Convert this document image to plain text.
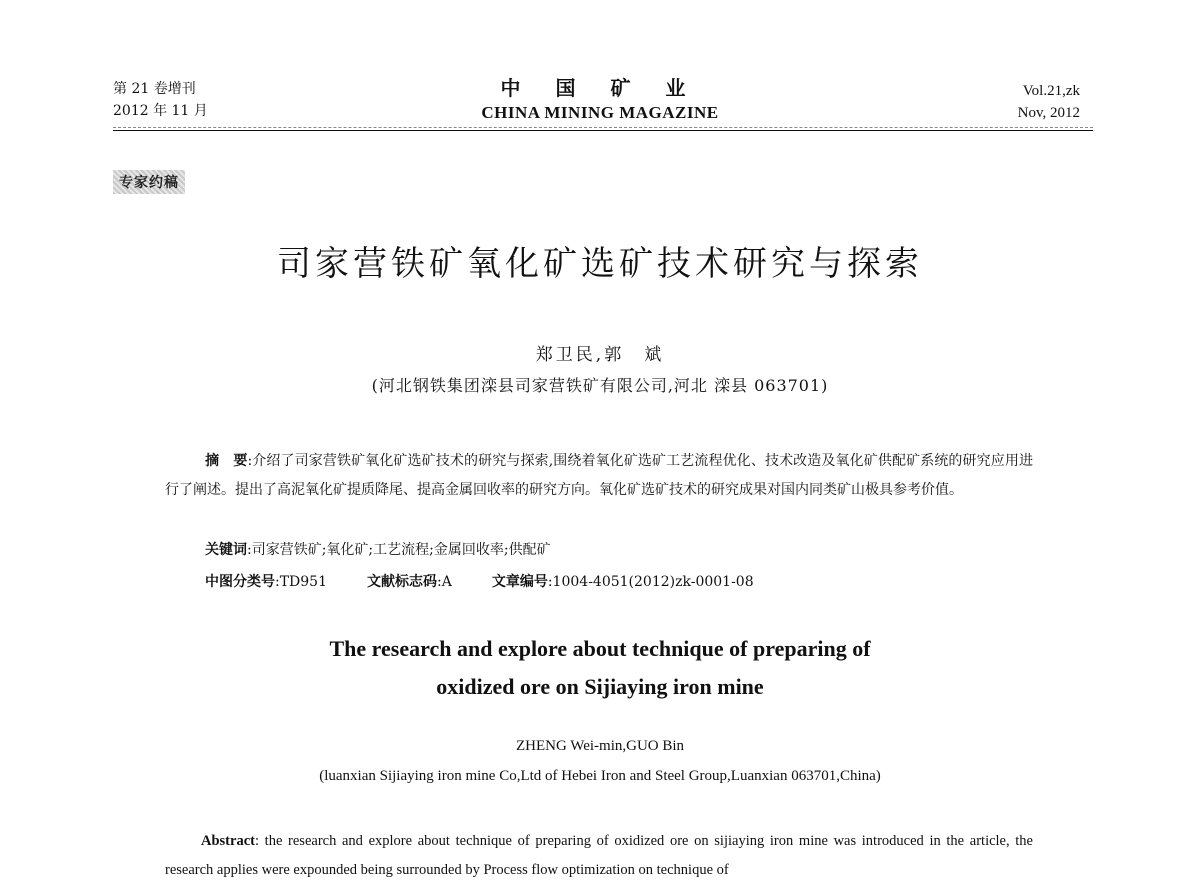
第 21 卷增刊
2012 年 11 月
中 国 矿 业
CHINA MINING MAGAZINE
Vol.21,zk
Nov, 2012
专家约稿
司家营铁矿氧化矿选矿技术研究与探索
郑卫民,郭　斌
(河北钢铁集团滦县司家营铁矿有限公司,河北 滦县 063701)
摘　要:介绍了司家营铁矿氧化矿选矿技术的研究与探索,围绕着氧化矿选矿工艺流程优化、技术改造及氧化矿供配矿系统的研究应用进行了阐述。提出了高泥氧化矿提质降尾、提高金属回收率的研究方向。氧化矿选矿技术的研究成果对国内同类矿山极具参考价值。
关键词:司家营铁矿;氧化矿;工艺流程;金属回收率;供配矿
中图分类号:TD951	文献标志码:A	文章编号:1004-4051(2012)zk-0001-08
The research and explore about technique of preparing of
oxidized ore on Sijiaying iron mine
ZHENG Wei-min,GUO Bin
(luanxian Sijiaying iron mine Co,Ltd of Hebei Iron and Steel Group,Luanxian 063701,China)
Abstract: the research and explore about technique of preparing of oxidized ore on sijiaying iron mine was introduced in the article, the research applies were expounded being surrounded by Process flow optimization on technique of
